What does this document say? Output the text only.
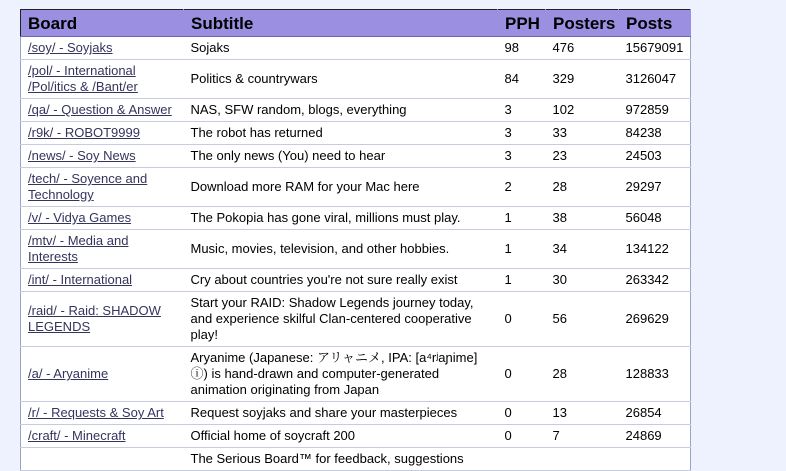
Board	Subtitle	PPH	Posters	Posts
/soy/ - Soyjaks	Sojaks	98	476	15679091
/pol/ - International /Pol/itics & /Bant/er	Politics & countrywars	84	329	3126047
/qa/ - Question & Answer	NAS, SFW random, blogs, everything	3	102	972859
/r9k/ - ROBOT9999	The robot has returned	3	33	84238
/news/ - Soy News	The only news (You) need to hear	3	23	24503
/tech/ - Soyence and Technology	Download more RAM for your Mac here	2	28	29297
/v/ - Vidya Games	The Pokopia has gone viral, millions must play.	1	38	56048
/mtv/ - Media and Interests	Music, movies, television, and other hobbies.	1	34	134122
/int/ - International	Cry about countries you're not sure really exist	1	30	263342
/raid/ - Raid: SHADOW LEGENDS	Start your RAID: Shadow Legends journey today, and experience skilful Clan-centered cooperative play!	0	56	269629
/a/ - Aryanime	Aryanime (Japanese: アリャニメ, IPA: [a⁴rʲaɲime] ⓘ) is hand-drawn and computer-generated animation originating from Japan	0	28	128833
/r/ - Requests & Soy Art	Request soyjaks and share your masterpieces	0	13	26854
/craft/ - Minecraft	Official home of soycraft 200	0	7	24869
	The Serious Board™ for feedback, suggestions			
